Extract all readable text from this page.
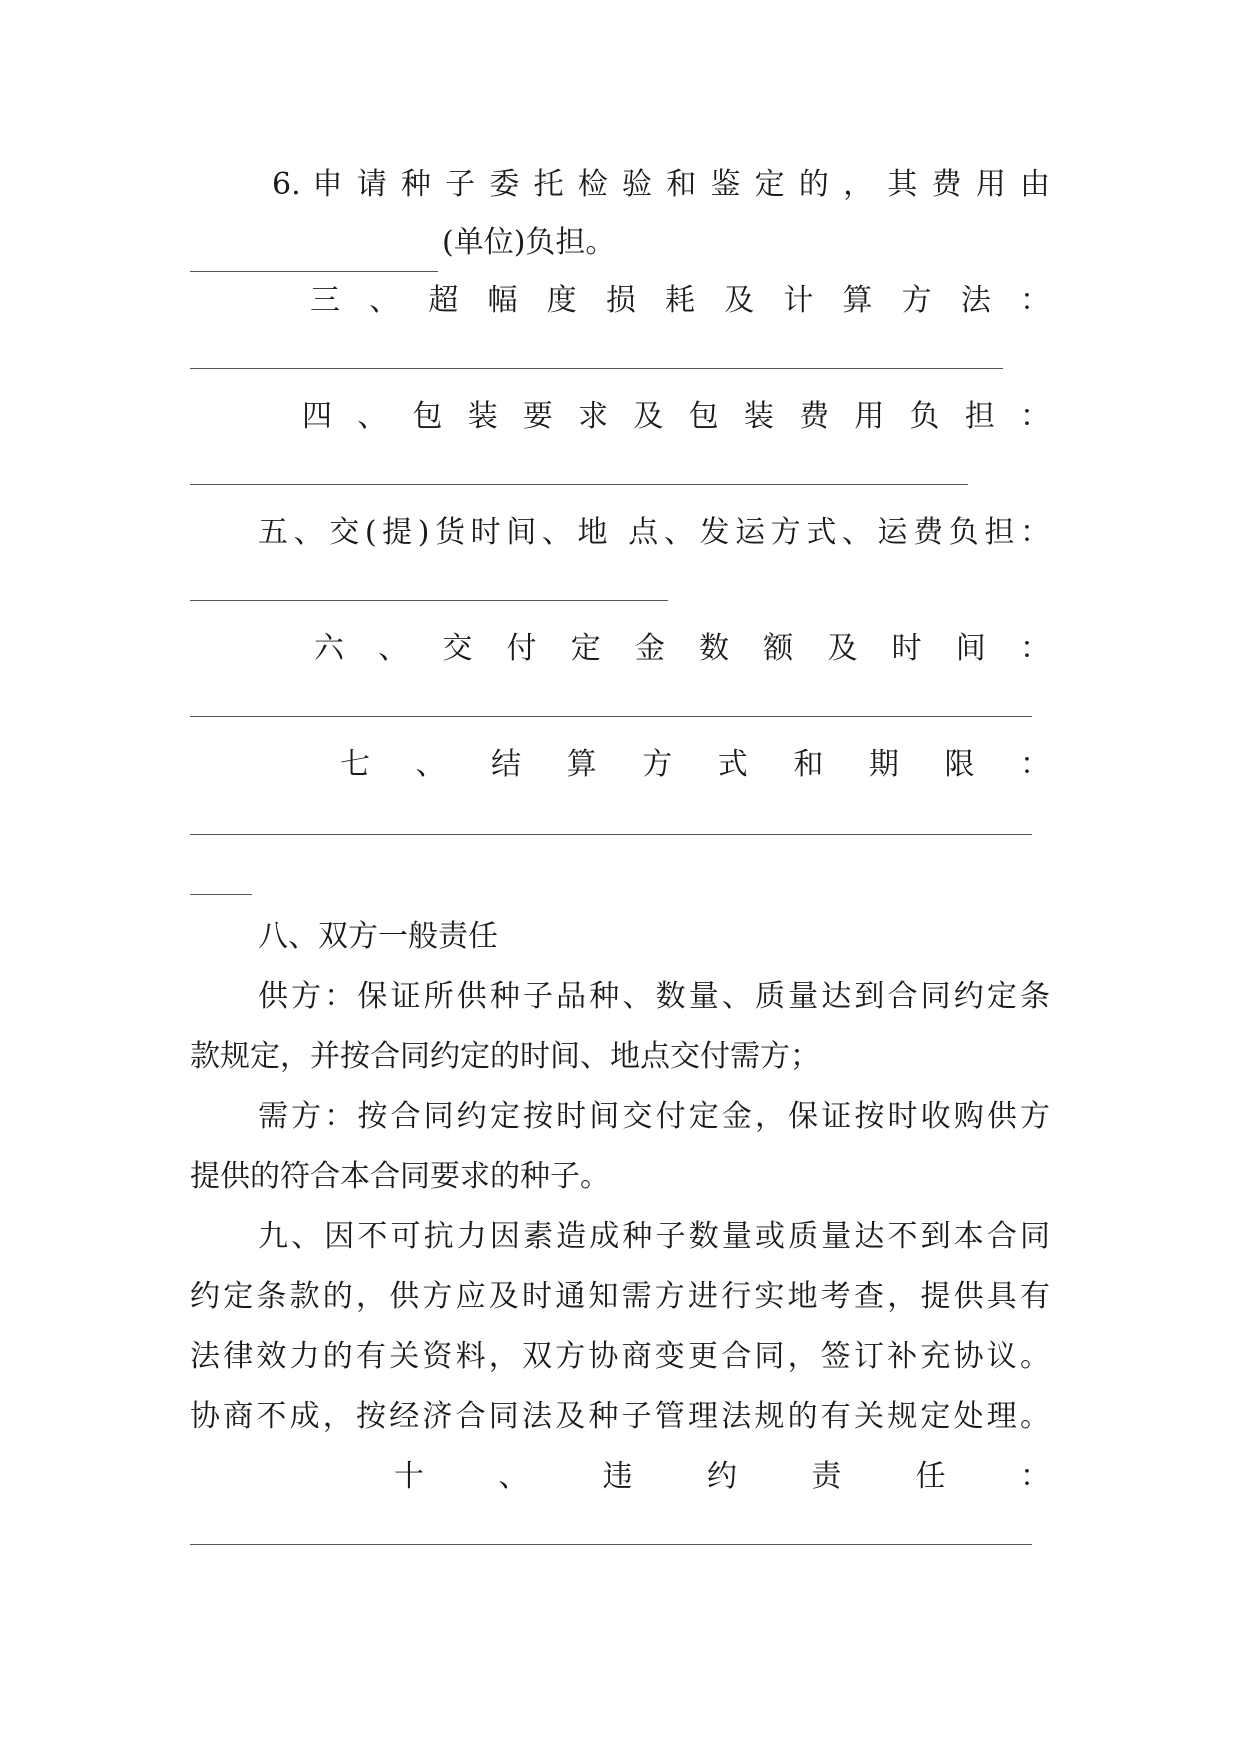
6. 申 请 种 子 委 托 检 验 和 鉴 定 的 ， 其 费 用 由
(单位)负担。
三 、 超 幅 度 损 耗 及 计 算 方 法 ：
四 、 包 装 要 求 及 包 装 费 用 负 担 ：
五、交(提)货时间、地 点、发运方式、运费负担：
六 、 交 付 定 金 数 额 及 时 间 ：
七 、 结 算 方 式 和 期 限 ：
八、双方一般责任
供方：保证所供种子品种、数量、质量达到合同约定条
款规定，并按合同约定的时间、地点交付需方；
需方：按合同约定按时间交付定金，保证按时收购供方
提供的符合本合同要求的种子。
九、因不可抗力因素造成种子数量或质量达不到本合同
约定条款的，供方应及时通知需方进行实地考查，提供具有
法律效力的有关资料，双方协商变更合同，签订补充协议。
协商不成，按经济合同法及种子管理法规的有关规定处理。
十 、 违 约 责 任 ：
